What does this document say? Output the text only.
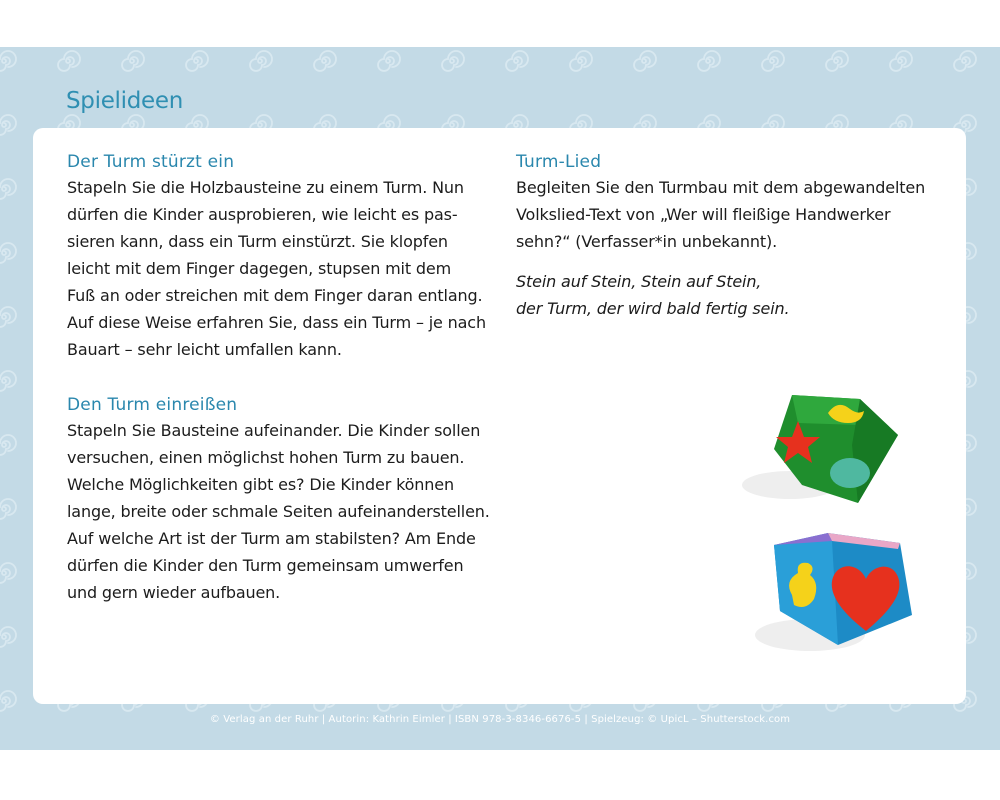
Spielideen
Der Turm stürzt ein

Stapeln Sie die Holzbausteine zu einem Turm. Nun
dürfen die Kinder ausprobieren, wie leicht es pas-
sieren kann, dass ein Turm einstürzt. Sie klopfen
leicht mit dem Finger dagegen, stupsen mit dem
Fuß an oder streichen mit dem Finger daran entlang.
Auf diese Weise erfahren Sie, dass ein Turm – je nach
Bauart – sehr leicht umfallen kann.

Den Turm einreißen

Stapeln Sie Bausteine aufeinander. Die Kinder sollen
versuchen, einen möglichst hohen Turm zu bauen.
Welche Möglichkeiten gibt es? Die Kinder können
lange, breite oder schmale Seiten aufeinanderstellen.
Auf welche Art ist der Turm am stabilsten? Am Ende
dürfen die Kinder den Turm gemeinsam umwerfen
und gern wieder aufbauen.

Turm-Lied

Begleiten Sie den Turmbau mit dem abgewandelten
Volkslied-Text von „Wer will fleißige Handwerker
sehn?“ (Verfasser*in unbekannt).

Stein auf Stein, Stein auf Stein,
der Turm, der wird bald fertig sein.

© Verlag an der Ruhr | Autorin: Kathrin Eimler | ISBN 978-3-8346-6676-5 | Spielzeug: © UpicL – Shutterstock.com
